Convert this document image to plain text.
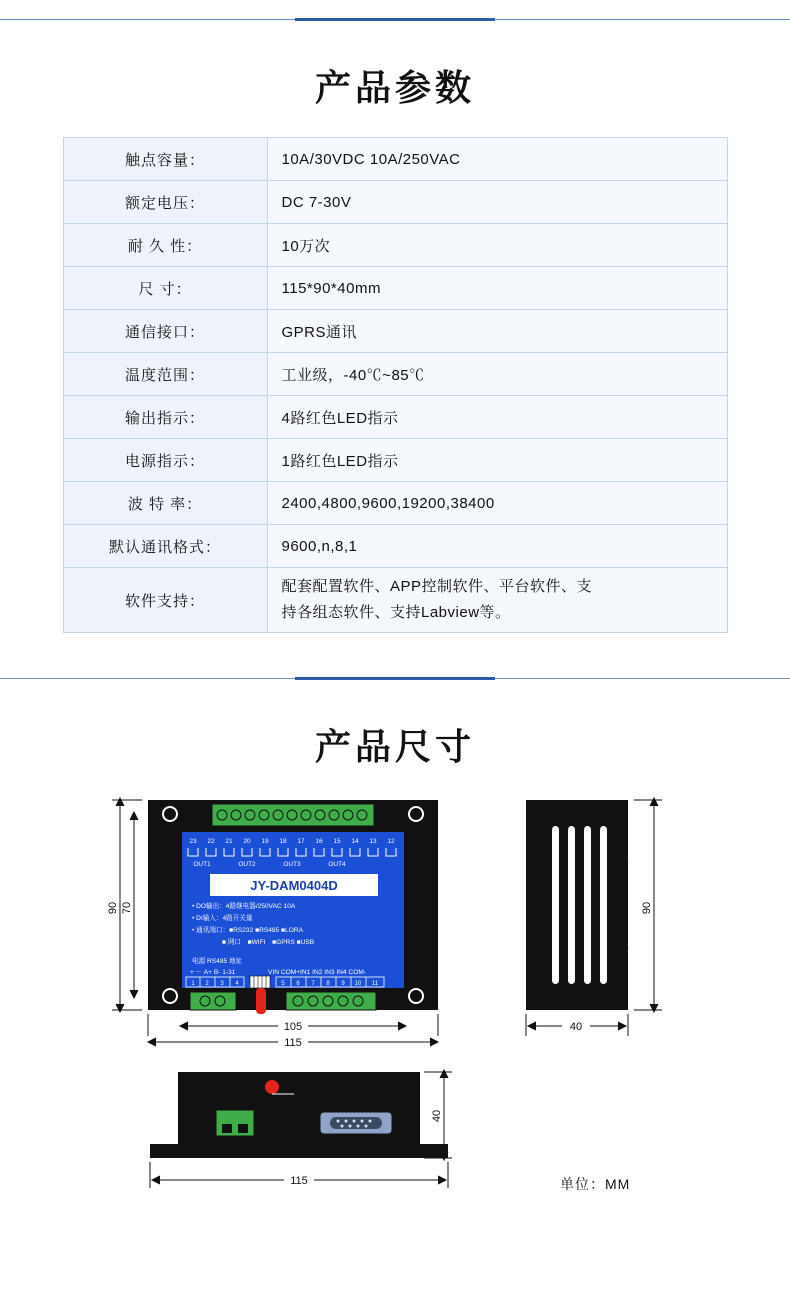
产品参数
触点容量：	10A/30VDC 10A/250VAC
额定电压：	DC 7-30V
耐 久 性：	10万次
尺 寸：	115*90*40mm
通信接口：	GPRS通讯
温度范围：	工业级，-40℃~85℃
输出指示：	4路红色LED指示
电源指示：	1路红色LED指示
波 特 率：	2400,4800,9600,19200,38400
默认通讯格式：	9600,n,8,1
软件支持：	配套配置软件、APP控制软件、平台软件、支
持各组态软件、支持Labview等。
产品尺寸
23 22 21 20 19 18 17 16 15 14 13 12
OUT1	OUT2	OUT3	OUT4
JY-DAM0404D
• DO输出：4路继电器/250VAC 10A
• DI输入：4路开关量
• 通讯端口：■RS232 ■RS485 ■LORA
■ 网口　■WIFI　■GPRS ■USB
电源 RS485 地址
+ － A+ B- 1-31	VIN COM+IN1 IN2 IN3 IN4 COM-
1 2 3 4	5 6 7 8 9 10 11
90 70
105
115
90
36
40
40
115	单位：MM
